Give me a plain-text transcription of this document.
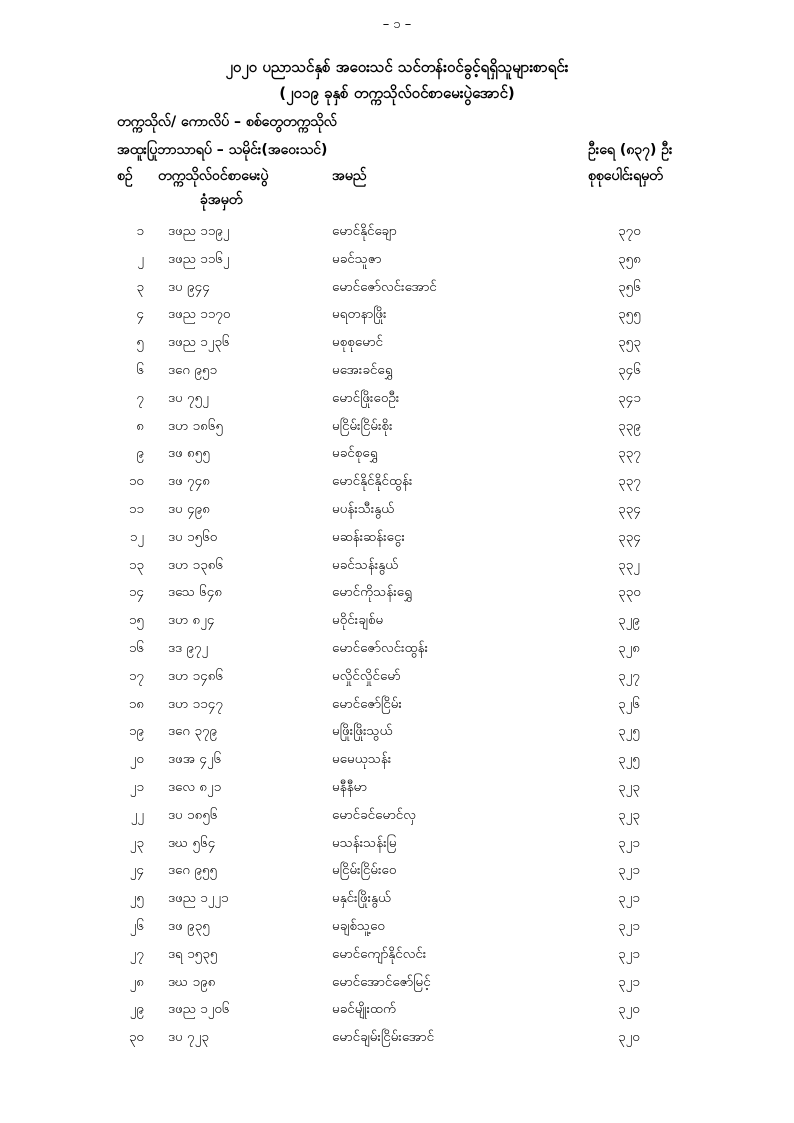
– ၁ –
၂၀၂၀ ပညာသင်နှစ် အဝေးသင် သင်တန်းဝင်ခွင့်ရရှိသူများစာရင်း
(၂၀၁၉ ခုနှစ် တက္ကသိုလ်ဝင်စာမေးပွဲအောင်)
တက္ကသိုလ်/ ကောလိပ် – စစ်တွေတက္ကသိုလ်
အထူးပြုဘာသာရပ် – သမိုင်း(အဝေးသင်)	ဦးရေ (၈၃၇) ဦး
စဉ် တက္ကသိုလ်ဝင်စာမေးပွဲ
ခုံအမှတ်
အမည်	စုစုပေါင်းရမှတ်
၁ ဒဖည ၁၁၉၂	မောင်နိုင်ချော	၃၇၀
၂ ဒဖည ၁၁၆၂	မခင်သူဇာ	၃၅၈
၃ ဒပ ၉၄၄	မောင်ဇော်လင်းအောင်	၃၅၆
၄ ဒဖည ၁၁၇၀	မရတနာဖြိုး	၃၅၅
၅ ဒဖည ၁၂၃၆	မစုစုမောင်	၃၅၃
၆ ဒဂေ ၉၅၁	မအေးခင်ရွှေ	၃၄၆
၇ ဒပ ၇၅၂	မောင်ဖြိုးဝေဦး	၃၄၁
၈ ဒဟ ၁၈၆၅	မငြိမ်းငြိမ်းစိုး	၃၃၉
၉ ဒဖ ၈၅၅	မခင်စုရွှေ	၃၃၇
၁၀ ဒဖ ၇၄၈	မောင်နိုင်နိုင်ထွန်း	၃၃၇
၁၁ ဒပ ၄၉၈	မပန်းသီးနွယ်	၃၃၄
၁၂ ဒပ ၁၅၆၀	မဆန်းဆန်းငွေး	၃၃၄
၁၃ ဒဟ ၁၃၈၆	မခင်သန်းနွယ်	၃၃၂
၁၄ ဒသေ ၆၄၈	မောင်ကိုသန်းရွှေ	၃၃၀
၁၅ ဒဟ ၈၂၄	မဝိုင်းချစ်မ	၃၂၉
၁၆ ဒဒ ၉၇၂	မောင်ဇော်လင်းထွန်း	၃၂၈
၁၇ ဒဟ ၁၄၈၆	မလှိုင်လှိုင်မော်	၃၂၇
၁၈ ဒဟ ၁၁၄၇	မောင်ဇော်ငြိမ်း	၃၂၆
၁၉ ဒဂေ ၃၇၉	မဖြိုးဖြိုးသွယ်	၃၂၅
၂၀ ဒဖအ ၄၂၆	မမေယုသန်း	၃၂၅
၂၁ ဒလေ ၈၂၁	မနီနီမာ	၃၂၃
၂၂ ဒပ ၁၈၅၆	မောင်ခင်မောင်လှ	၃၂၃
၂၃ ဒဃ ၅၆၄	မသန်းသန်းမြ	၃၂၁
၂၄ ဒဂေ ၉၅၅	မငြိမ်းငြိမ်းဝေ	၃၂၁
၂၅ ဒဖည ၁၂၂၁	မနှင်းဖြိုးနွယ်	၃၂၁
၂၆ ဒဖ ၉၃၅	မချစ်သူ့ဝေ	၃၂၁
၂၇ ဒရ ၁၅၃၅	မောင်ကျော်နိုင်လင်း	၃၂၁
၂၈ ဒဃ ၁၉၈	မောင်အောင်ဇော်မြင့်	၃၂၁
၂၉ ဒဖည ၁၂၀၆	မခင်မျိုးထက်	၃၂၀
၃၀ ဒပ ၇၂၃	မောင်ချမ်းငြိမ်းအောင်	၃၂၀
